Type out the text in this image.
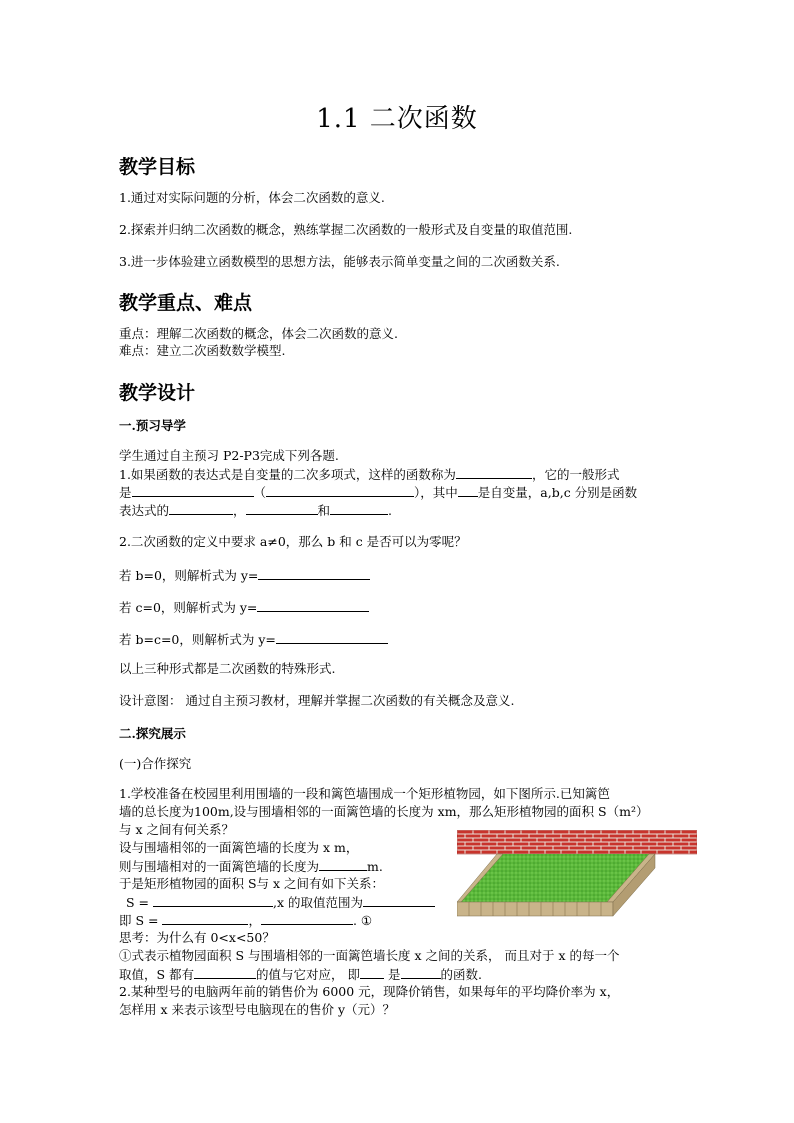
1.1 二次函数
教学目标
1.通过对实际问题的分析，体会二次函数的意义.
2.探索并归纳二次函数的概念，熟练掌握二次函数的一般形式及自变量的取值范围.
3.进一步体验建立函数模型的思想方法，能够表示简单变量之间的二次函数关系.
教学重点、难点
重点：理解二次函数的概念，体会二次函数的意义.
难点：建立二次函数数学模型.
教学设计
一.预习导学
学生通过自主预习 P2-P3完成下列各题.
1.如果函数的表达式是自变量的二次多项式，这样的函数称为	，它的一般形式
是	（	），其中 是自变量，a,b,c 分别是函数
表达式的	，	和	.
2.二次函数的定义中要求 a≠0，那么 b 和 c 是否可以为零呢？
若 b=0，则解析式为 y=
若 c=0，则解析式为 y=
若 b=c=0，则解析式为 y=
以上三种形式都是二次函数的特殊形式.
设计意图： 通过自主预习教材，理解并掌握二次函数的有关概念及意义.
二.探究展示
(一)合作探究
1.学校准备在校园里利用围墙的一段和篱笆墙围成一个矩形植物园，如下图所示.已知篱笆
墙的总长度为100m,设与围墙相邻的一面篱笆墙的长度为 xm，那么矩形植物园的面积 S（m²）
与 x 之间有何关系？
设与围墙相邻的一面篱笆墙的长度为 x m，
则与围墙相对的一面篱笆墙的长度为	m.
于是矩形植物园的面积 S与 x 之间有如下关系：
S =	,x 的取值范围为
即 S =	，	. ①
思考：为什么有 0<x<50？
①式表示植物园面积 S 与围墙相邻的一面篱笆墙长度 x 之间的关系， 而且对于 x 的每一个
取值，S 都有	的值与它对应， 即 是	的函数.
2.某种型号的电脑两年前的销售价为 6000 元，现降价销售，如果每年的平均降价率为 x，
怎样用 x 来表示该型号电脑现在的售价 y（元）？
